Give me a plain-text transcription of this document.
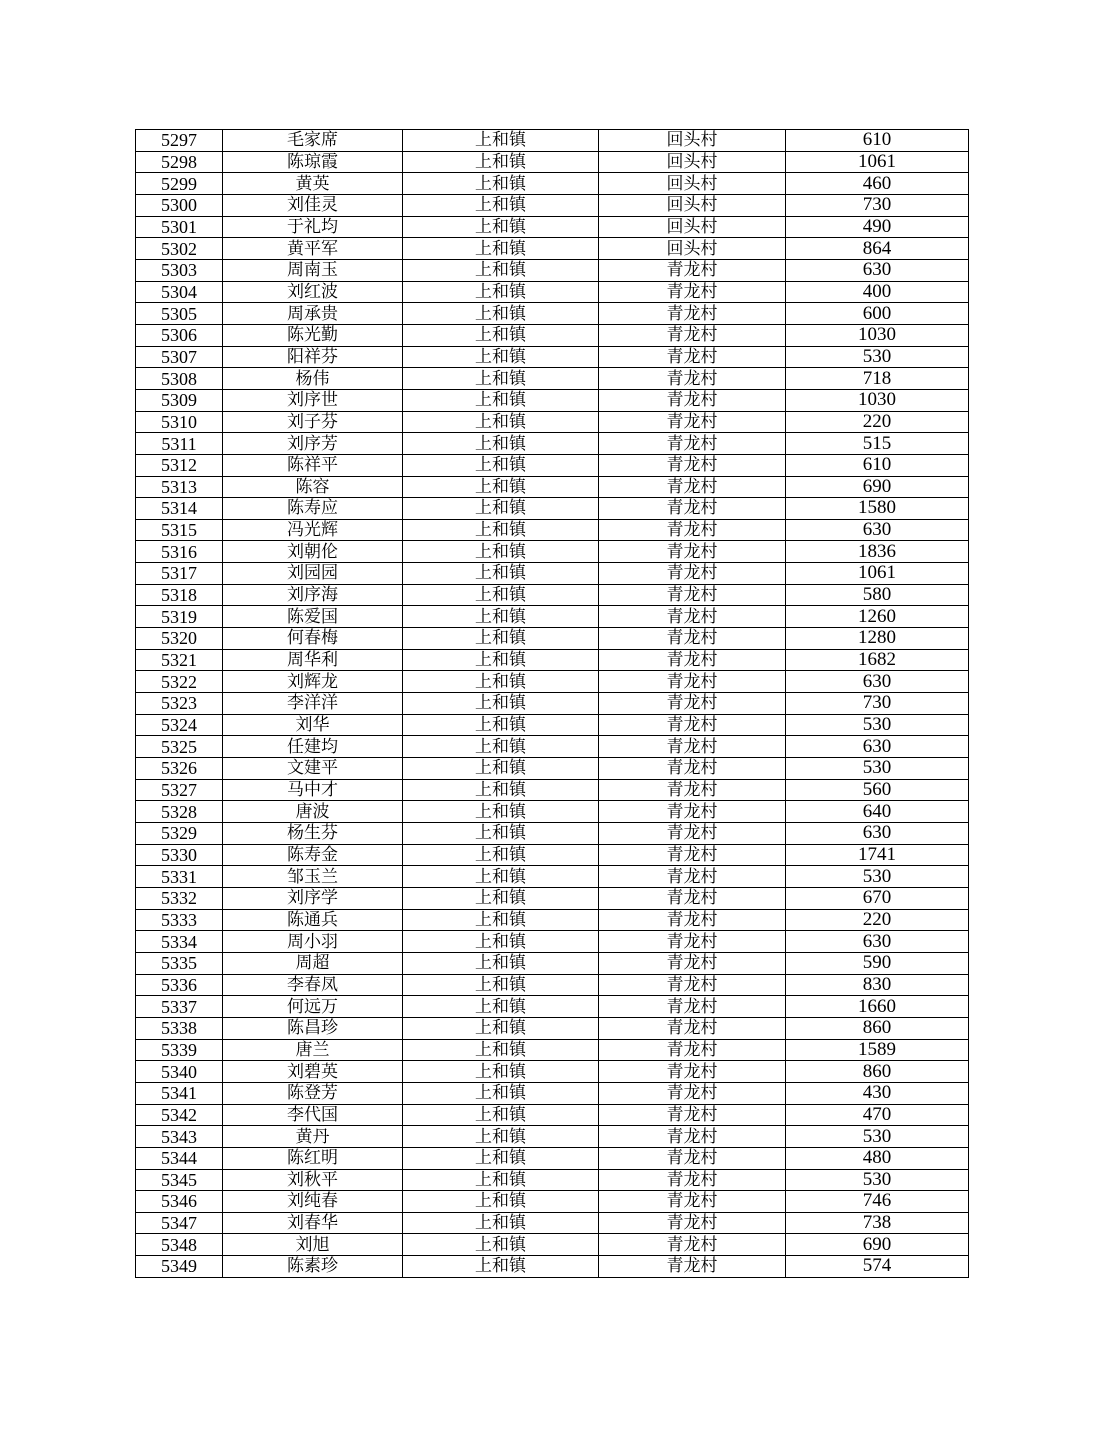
5297	毛家席	上和镇	回头村	610
5298	陈琼霞	上和镇	回头村	1061
5299	黄英	上和镇	回头村	460
5300	刘佳灵	上和镇	回头村	730
5301	于礼均	上和镇	回头村	490
5302	黄平军	上和镇	回头村	864
5303	周南玉	上和镇	青龙村	630
5304	刘红波	上和镇	青龙村	400
5305	周承贵	上和镇	青龙村	600
5306	陈光勤	上和镇	青龙村	1030
5307	阳祥芬	上和镇	青龙村	530
5308	杨伟	上和镇	青龙村	718
5309	刘序世	上和镇	青龙村	1030
5310	刘子芬	上和镇	青龙村	220
5311	刘序芳	上和镇	青龙村	515
5312	陈祥平	上和镇	青龙村	610
5313	陈容	上和镇	青龙村	690
5314	陈寿应	上和镇	青龙村	1580
5315	冯光辉	上和镇	青龙村	630
5316	刘朝伦	上和镇	青龙村	1836
5317	刘园园	上和镇	青龙村	1061
5318	刘序海	上和镇	青龙村	580
5319	陈爱国	上和镇	青龙村	1260
5320	何春梅	上和镇	青龙村	1280
5321	周华利	上和镇	青龙村	1682
5322	刘辉龙	上和镇	青龙村	630
5323	李洋洋	上和镇	青龙村	730
5324	刘华	上和镇	青龙村	530
5325	任建均	上和镇	青龙村	630
5326	文建平	上和镇	青龙村	530
5327	马中才	上和镇	青龙村	560
5328	唐波	上和镇	青龙村	640
5329	杨生芬	上和镇	青龙村	630
5330	陈寿金	上和镇	青龙村	1741
5331	邹玉兰	上和镇	青龙村	530
5332	刘序学	上和镇	青龙村	670
5333	陈通兵	上和镇	青龙村	220
5334	周小羽	上和镇	青龙村	630
5335	周超	上和镇	青龙村	590
5336	李春凤	上和镇	青龙村	830
5337	何远万	上和镇	青龙村	1660
5338	陈昌珍	上和镇	青龙村	860
5339	唐兰	上和镇	青龙村	1589
5340	刘碧英	上和镇	青龙村	860
5341	陈登芳	上和镇	青龙村	430
5342	李代国	上和镇	青龙村	470
5343	黄丹	上和镇	青龙村	530
5344	陈红明	上和镇	青龙村	480
5345	刘秋平	上和镇	青龙村	530
5346	刘纯春	上和镇	青龙村	746
5347	刘春华	上和镇	青龙村	738
5348	刘旭	上和镇	青龙村	690
5349	陈素珍	上和镇	青龙村	574
